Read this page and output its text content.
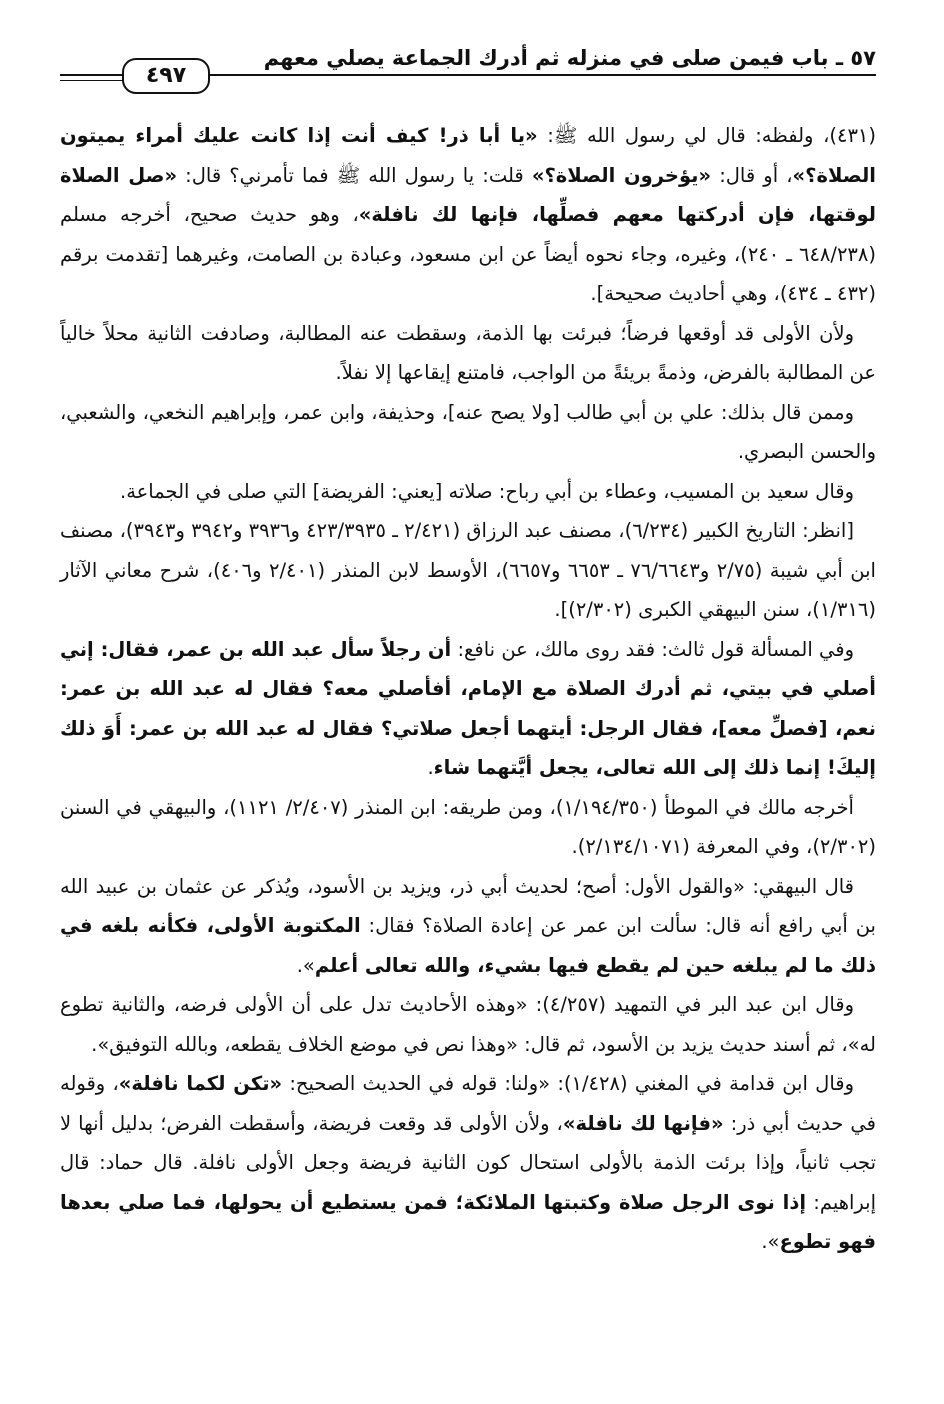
٥٧ ـ باب فيمن صلى في منزله ثم أدرك الجماعة يصلي معهم
٤٩٧

(٤٣١)، ولفظه: قال لي رسول الله ﷺ: «يا أبا ذر! كيف أنت إذا كانت عليك أمراء يميتون الصلاة؟»، أو قال: «يؤخرون الصلاة؟» قلت: يا رسول الله ﷺ فما تأمرني؟ قال: «صل الصلاة لوقتها، فإن أدركتها معهم فصلِّها، فإنها لك نافلة»، وهو حديث صحيح، أخرجه مسلم (٦٤٨/٢٣٨ ـ ٢٤٠)، وغيره، وجاء نحوه أيضاً عن ابن مسعود، وعبادة بن الصامت، وغيرهما [تقدمت برقم (٤٣٢ ـ ٤٣٤)، وهي أحاديث صحيحة].

ولأن الأولى قد أوقعها فرضاً؛ فبرئت بها الذمة، وسقطت عنه المطالبة، وصادفت الثانية محلاً خالياً عن المطالبة بالفرض، وذمةً بريئةً من الواجب، فامتنع إيقاعها إلا نفلاً.

وممن قال بذلك: علي بن أبي طالب [ولا يصح عنه]، وحذيفة، وابن عمر، وإبراهيم النخعي، والشعبي، والحسن البصري.

وقال سعيد بن المسيب، وعطاء بن أبي رباح: صلاته [يعني: الفريضة] التي صلى في الجماعة.

[انظر: التاريخ الكبير (٦/٢٣٤)، مصنف عبد الرزاق (٢/٤٢١ ـ ٤٢٣/٣٩٣٥ و٣٩٣٦ و٣٩٤٢ و٣٩٤٣)، مصنف ابن أبي شيبة (٢/٧٥ و٧٦/٦٦٤٣ ـ ٦٦٥٣ و٦٦٥٧)، الأوسط لابن المنذر (٢/٤٠١ و٤٠٦)، شرح معاني الآثار (١/٣١٦)، سنن البيهقي الكبرى (٢/٣٠٢)].

وفي المسألة قول ثالث: فقد روى مالك، عن نافع: أن رجلاً سأل عبد الله بن عمر، فقال: إني أصلي في بيتي، ثم أدرك الصلاة مع الإمام، أفأصلي معه؟ فقال له عبد الله بن عمر: نعم، [فصلِّ معه]، فقال الرجل: أيتهما أجعل صلاتي؟ فقال له عبد الله بن عمر: أَوَ ذلك إليكَ! إنما ذلك إلى الله تعالى، يجعل أيَّتهما شاء.

أخرجه مالك في الموطأ (١/١٩٤/٣٥٠)، ومن طريقه: ابن المنذر (٢/٤٠٧/ ١١٢١)، والبيهقي في السنن (٢/٣٠٢)، وفي المعرفة (٢/١٣٤/١٠٧١).

قال البيهقي: «والقول الأول: أصح؛ لحديث أبي ذر، ويزيد بن الأسود، ويُذكر عن عثمان بن عبيد الله بن أبي رافع أنه قال: سألت ابن عمر عن إعادة الصلاة؟ فقال: المكتوبة الأولى، فكأنه بلغه في ذلك ما لم يبلغه حين لم يقطع فيها بشيء، والله تعالى أعلم».

وقال ابن عبد البر في التمهيد (٤/٢٥٧): «وهذه الأحاديث تدل على أن الأولى فرضه، والثانية تطوع له»، ثم أسند حديث يزيد بن الأسود، ثم قال: «وهذا نص في موضع الخلاف يقطعه، وبالله التوفيق».

وقال ابن قدامة في المغني (١/٤٢٨): «ولنا: قوله في الحديث الصحيح: «تكن لكما نافلة»، وقوله في حديث أبي ذر: «فإنها لك نافلة»، ولأن الأولى قد وقعت فريضة، وأسقطت الفرض؛ بدليل أنها لا تجب ثانياً، وإذا برئت الذمة بالأولى استحال كون الثانية فريضة وجعل الأولى نافلة. قال حماد: قال إبراهيم: إذا نوى الرجل صلاة وكتبتها الملائكة؛ فمن يستطيع أن يحولها، فما صلي بعدها فهو تطوع».
